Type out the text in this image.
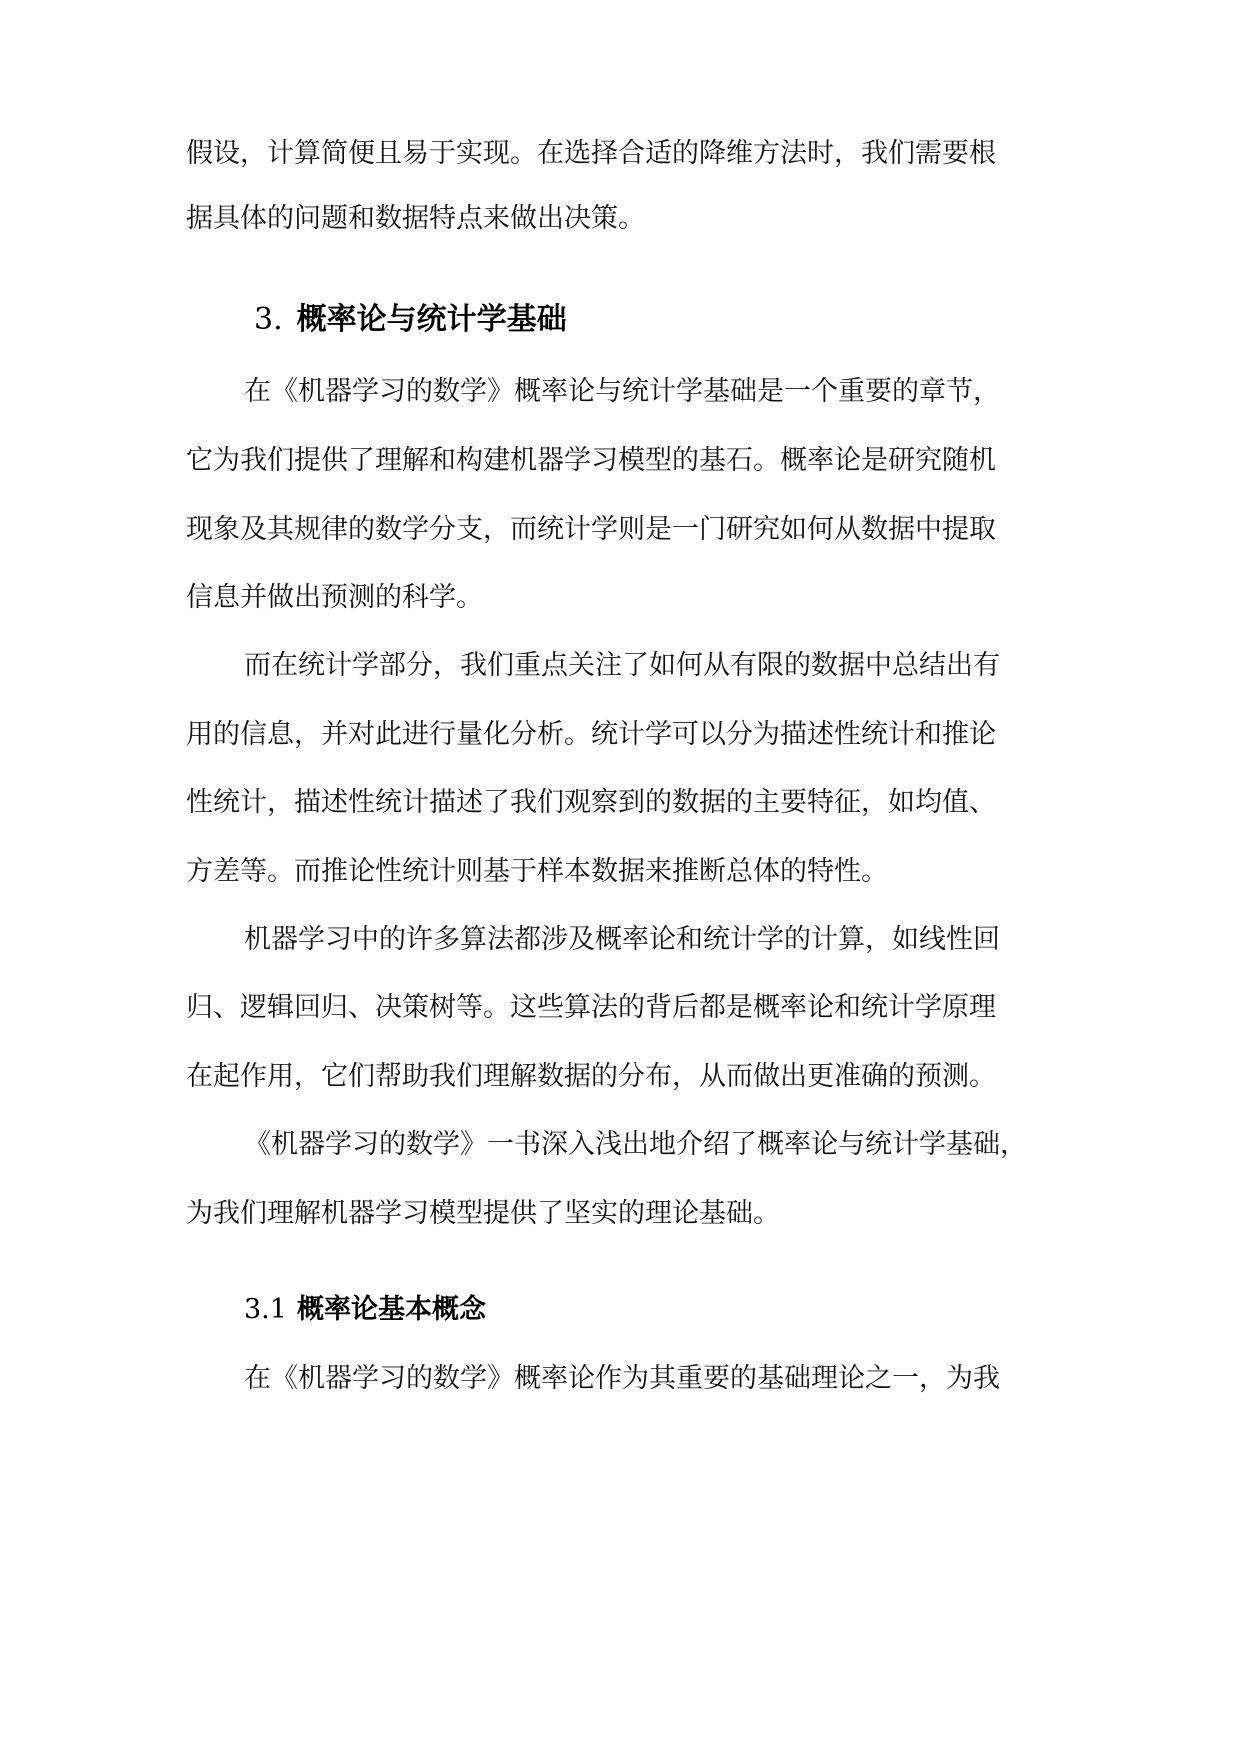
假设，计算简便且易于实现。在选择合适的降维方法时，我们需要根
据具体的问题和数据特点来做出决策。
3. 概率论与统计学基础
在《机器学习的数学》概率论与统计学基础是一个重要的章节，
它为我们提供了理解和构建机器学习模型的基石。概率论是研究随机
现象及其规律的数学分支，而统计学则是一门研究如何从数据中提取
信息并做出预测的科学。
而在统计学部分，我们重点关注了如何从有限的数据中总结出有
用的信息，并对此进行量化分析。统计学可以分为描述性统计和推论
性统计，描述性统计描述了我们观察到的数据的主要特征，如均值、
方差等。而推论性统计则基于样本数据来推断总体的特性。
机器学习中的许多算法都涉及概率论和统计学的计算，如线性回
归、逻辑回归、决策树等。这些算法的背后都是概率论和统计学原理
在起作用，它们帮助我们理解数据的分布，从而做出更准确的预测。
《机器学习的数学》一书深入浅出地介绍了概率论与统计学基础，
为我们理解机器学习模型提供了坚实的理论基础。
3.1 概率论基本概念
在《机器学习的数学》概率论作为其重要的基础理论之一，为我
